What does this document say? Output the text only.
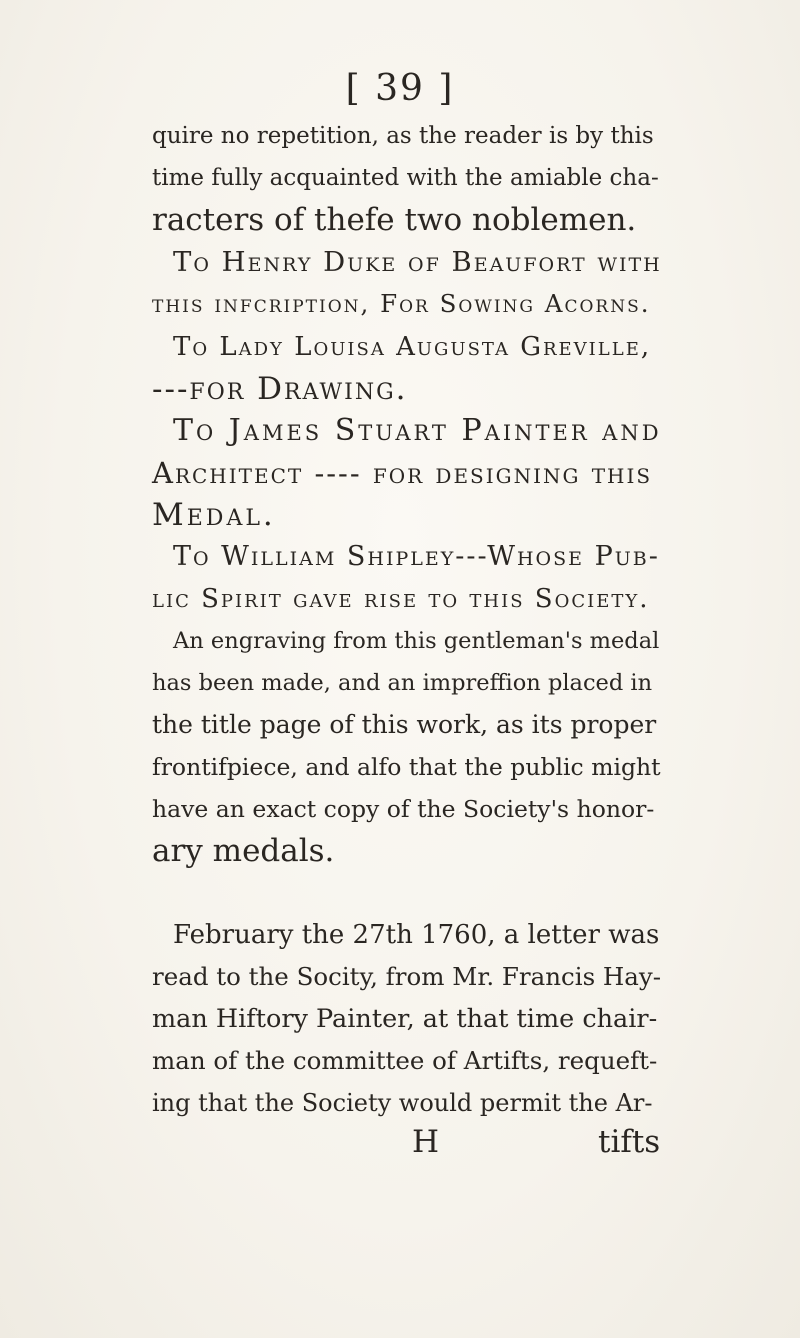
[ 39 ]
quire no repetition, as the reader is by this
time fully acquainted with the amiable cha-
racters of thefe two noblemen.
To Henry Duke of Beaufort with
this infcription, For Sowing Acorns.
To Lady Louisa Augusta Greville,
---for Drawing.
To James Stuart Painter and
Architect ---- for designing this
Medal.
To William Shipley---Whose Pub-
lic Spirit gave rise to this Society.
An engraving from this gentleman's medal
has been made, and an impreffion placed in
the title page of this work, as its proper
frontifpiece, and alfo that the public might
have an exact copy of the Society's honor-
ary medals.
February the 27th 1760, a letter was
read to the Socity, from Mr. Francis Hay-
man Hiftory Painter, at that time chair-
man of the committee of Artifts, requeft-
ing that the Society would permit the Ar-
H	tifts
